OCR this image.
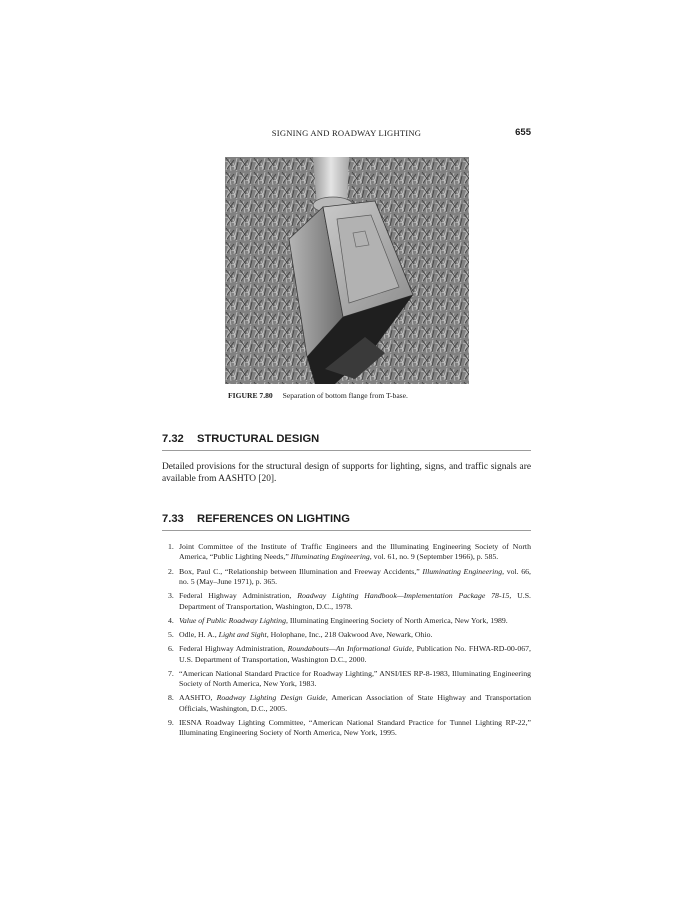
SIGNING AND ROADWAY LIGHTING	655
FIGURE 7.80 Separation of bottom flange from T-base.
7.32 STRUCTURAL DESIGN
Detailed provisions for the structural design of supports for lighting, signs, and traffic signals are available from AASHTO [20].
7.33 REFERENCES ON LIGHTING
1. Joint Committee of the Institute of Traffic Engineers and the Illuminating Engineering Society of North America, “Public Lighting Needs,” Illuminating Engineering, vol. 61, no. 9 (September 1966), p. 585.
2. Box, Paul C., “Relationship between Illumination and Freeway Accidents,” Illuminating Engineering, vol. 66, no. 5 (May–June 1971), p. 365.
3. Federal Highway Administration, Roadway Lighting Handbook—Implementation Package 78-15, U.S. Department of Transportation, Washington, D.C., 1978.
4. Value of Public Roadway Lighting, Illuminating Engineering Society of North America, New York, 1989.
5. Odle, H. A., Light and Sight, Holophane, Inc., 218 Oakwood Ave, Newark, Ohio.
6. Federal Highway Administration, Roundabouts—An Informational Guide, Publication No. FHWA-RD-00-067, U.S. Department of Transportation, Washington D.C., 2000.
7. “American National Standard Practice for Roadway Lighting,” ANSI/IES RP-8-1983, Illuminating Engineering Society of North America, New York, 1983.
8. AASHTO, Roadway Lighting Design Guide, American Association of State Highway and Transportation Officials, Washington, D.C., 2005.
9. IESNA Roadway Lighting Committee, “American National Standard Practice for Tunnel Lighting RP-22,” Illuminating Engineering Society of North America, New York, 1995.
